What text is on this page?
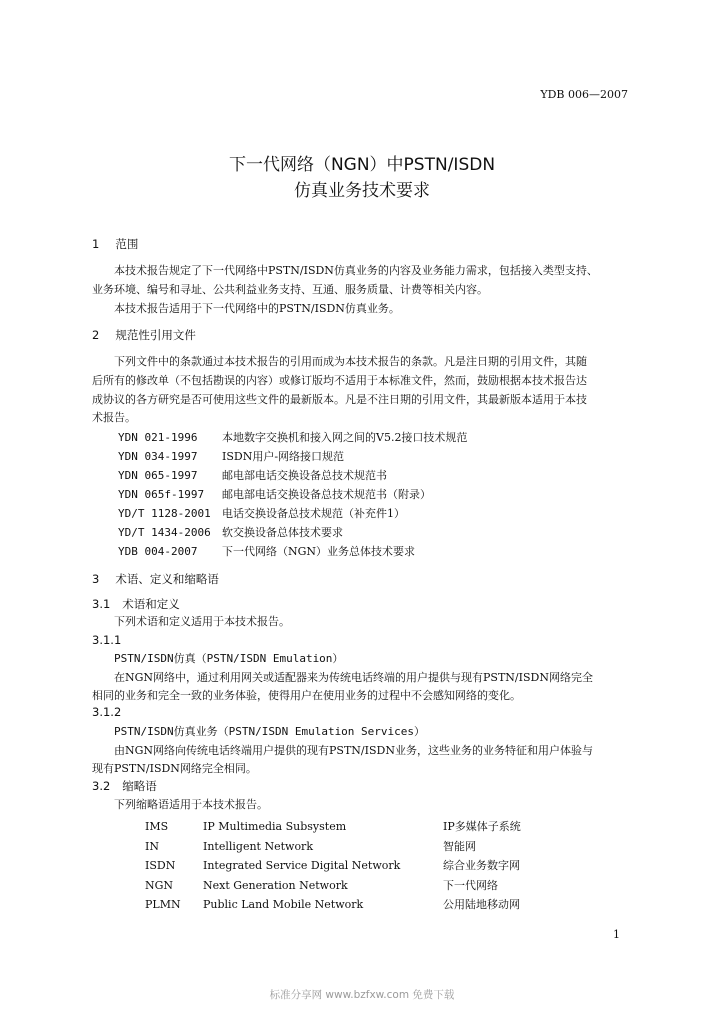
YDB 006—2007
下一代网络（NGN）中PSTN/ISDN
仿真业务技术要求
1 范围
本技术报告规定了下一代网络中PSTN/ISDN仿真业务的内容及业务能力需求，包括接入类型支持、
业务环境、编号和寻址、公共利益业务支持、互通、服务质量、计费等相关内容。
本技术报告适用于下一代网络中的PSTN/ISDN仿真业务。
2 规范性引用文件
下列文件中的条款通过本技术报告的引用而成为本技术报告的条款。凡是注日期的引用文件，其随
后所有的修改单（不包括勘误的内容）或修订版均不适用于本标准文件，然而，鼓励根据本技术报告达
成协议的各方研究是否可使用这些文件的最新版本。凡是不注日期的引用文件，其最新版本适用于本技
术报告。
YDN 021-1996 本地数字交换机和接入网之间的V5.2接口技术规范
YDN 034-1997 ISDN用户-网络接口规范
YDN 065-1997 邮电部电话交换设备总技术规范书
YDN 065f-1997 邮电部电话交换设备总技术规范书（附录）
YD/T 1128-2001 电话交换设备总技术规范（补充件1）
YD/T 1434-2006 软交换设备总体技术要求
YDB 004-2007 下一代网络（NGN）业务总体技术要求
3 术语、定义和缩略语
3.1 术语和定义
下列术语和定义适用于本技术报告。
3.1.1
PSTN/ISDN仿真（PSTN/ISDN Emulation）
在NGN网络中，通过利用网关或适配器来为传统电话终端的用户提供与现有PSTN/ISDN网络完全
相同的业务和完全一致的业务体验，使得用户在使用业务的过程中不会感知网络的变化。
3.1.2
PSTN/ISDN仿真业务（PSTN/ISDN Emulation Services）
由NGN网络向传统电话终端用户提供的现有PSTN/ISDN业务，这些业务的业务特征和用户体验与
现有PSTN/ISDN网络完全相同。
3.2 缩略语
下列缩略语适用于本技术报告。
IMS	IP Multimedia Subsystem	IP多媒体子系统
IN	Intelligent Network	智能网
ISDN	Integrated Service Digital Network	综合业务数字网
NGN	Next Generation Network	下一代网络
PLMN Public Land Mobile Network	公用陆地移动网
1
标准分享网 www.bzfxw.com 免费下载
